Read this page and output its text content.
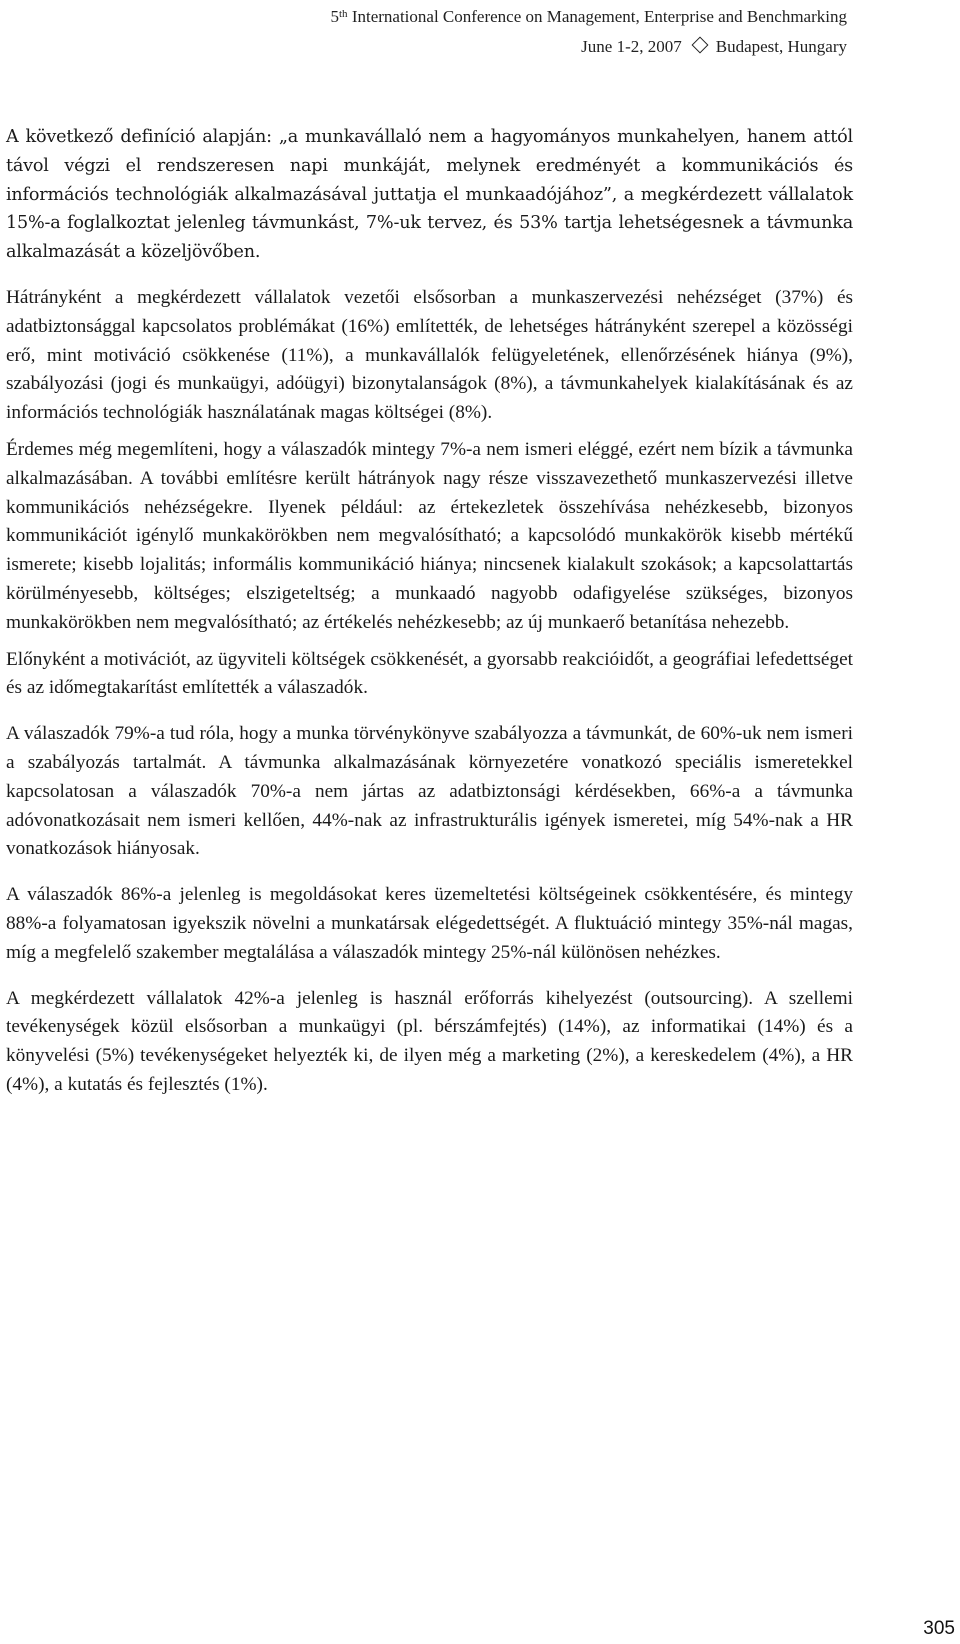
5th International Conference on Management, Enterprise and Benchmarking
June 1-2, 2007 Budapest, Hungary

A következő definíció alapján: „a munkavállaló nem a hagyományos munkahelyen, hanem attól távol végzi el rendszeresen napi munkáját, melynek eredményét a kommunikációs és információs technológiák alkalmazásával juttatja el munkaadójához”, a megkérdezett vállalatok 15%-a foglalkoztat jelenleg távmunkást, 7%-uk tervez, és 53% tartja lehetségesnek a távmunka alkalmazását a közeljövőben.

Hátrányként a megkérdezett vállalatok vezetői elsősorban a munkaszervezési nehézséget (37%) és adatbiztonsággal kapcsolatos problémákat (16%) említették, de lehetséges hátrányként szerepel a közösségi erő, mint motiváció csökkenése (11%), a munkavállalók felügyeletének, ellenőrzésének hiánya (9%), szabályozási (jogi és munkaügyi, adóügyi) bizonytalanságok (8%), a távmunkahelyek kialakításának és az információs technológiák használatának magas költségei (8%).

Érdemes még megemlíteni, hogy a válaszadók mintegy 7%-a nem ismeri eléggé, ezért nem bízik a távmunka alkalmazásában. A további említésre került hátrányok nagy része visszavezethető munkaszervezési illetve kommunikációs nehézségekre. Ilyenek például: az értekezletek összehívása nehézkesebb, bizonyos kommunikációt igénylő munkakörökben nem megvalósítható; a kapcsolódó munkakörök kisebb mértékű ismerete; kisebb lojalitás; informális kommunikáció hiánya; nincsenek kialakult szokások; a kapcsolattartás körülményesebb, költséges; elszigeteltség; a munkaadó nagyobb odafigyelése szükséges, bizonyos munkakörökben nem megvalósítható; az értékelés nehézkesebb; az új munkaerő betanítása nehezebb.

Előnyként a motivációt, az ügyviteli költségek csökkenését, a gyorsabb reakcióidőt, a geográfiai lefedettséget és az időmegtakarítást említették a válaszadók.

A válaszadók 79%-a tud róla, hogy a munka törvénykönyve szabályozza a távmunkát, de 60%-uk nem ismeri a szabályozás tartalmát. A távmunka alkalmazásának környezetére vonatkozó speciális ismeretekkel kapcsolatosan a válaszadók 70%-a nem jártas az adatbiztonsági kérdésekben, 66%-a a távmunka adóvonatkozásait nem ismeri kellően, 44%-nak az infrastrukturális igények ismeretei, míg 54%-nak a HR vonatkozások hiányosak.

A válaszadók 86%-a jelenleg is megoldásokat keres üzemeltetési költségeinek csökkentésére, és mintegy 88%-a folyamatosan igyekszik növelni a munkatársak elégedettségét. A fluktuáció mintegy 35%-nál magas, míg a megfelelő szakember megtalálása a válaszadók mintegy 25%-nál különösen nehézkes.

A megkérdezett vállalatok 42%-a jelenleg is használ erőforrás kihelyezést (outsourcing). A szellemi tevékenységek közül elsősorban a munkaügyi (pl. bérszámfejtés) (14%), az informatikai (14%) és a könyvelési (5%) tevékenységeket helyezték ki, de ilyen még a marketing (2%), a kereskedelem (4%), a HR (4%), a kutatás és fejlesztés (1%).

305
